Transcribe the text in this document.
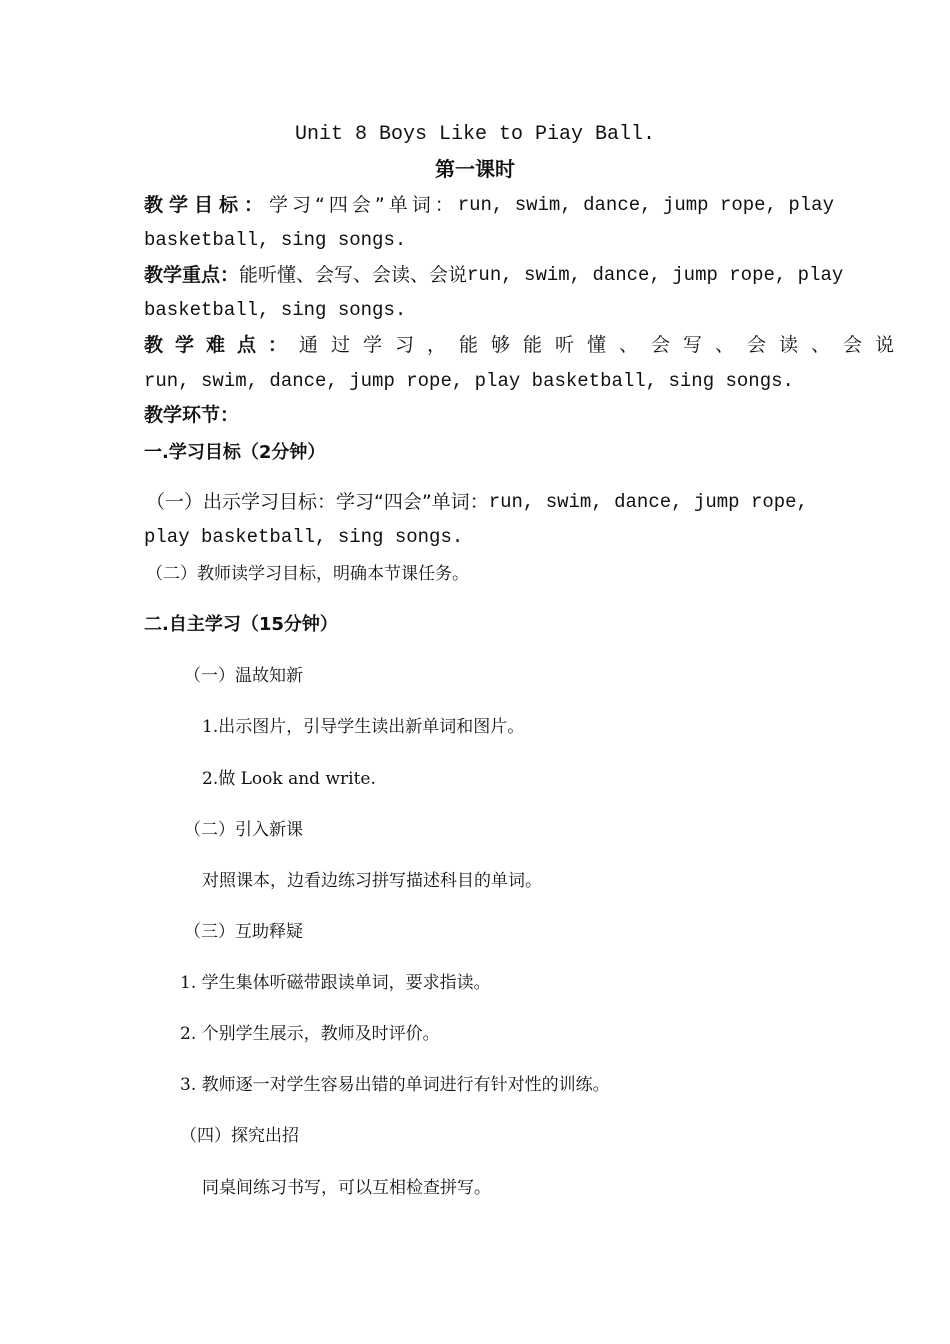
Unit 8 Boys Like to Piay Ball.
第一课时
教学目标： 学习“四会”单词： run, swim, dance, jump rope, play
basketball, sing songs.
教学重点： 能听懂、会写、会读、会说 run, swim, dance, jump rope, play
basketball, sing songs.
教学难点： 通过学习，能够能听懂、会写、会读、会说
run, swim, dance, jump rope, play basketball, sing songs.
教学环节：
一.学习目标（2分钟）
（一）出示学习目标：学习“四会”单词： run, swim, dance, jump rope,
play basketball, sing songs.
（二）教师读学习目标，明确本节课任务。
二.自主学习（15分钟）
（一）温故知新
1.出示图片，引导学生读出新单词和图片。
2.做 Look and write.
（二）引入新课
对照课本，边看边练习拼写描述科目的单词。
（三）互助释疑
1. 学生集体听磁带跟读单词，要求指读。
2. 个别学生展示，教师及时评价。
3. 教师逐一对学生容易出错的单词进行有针对性的训练。
（四）探究出招
同桌间练习书写，可以互相检查拼写。
